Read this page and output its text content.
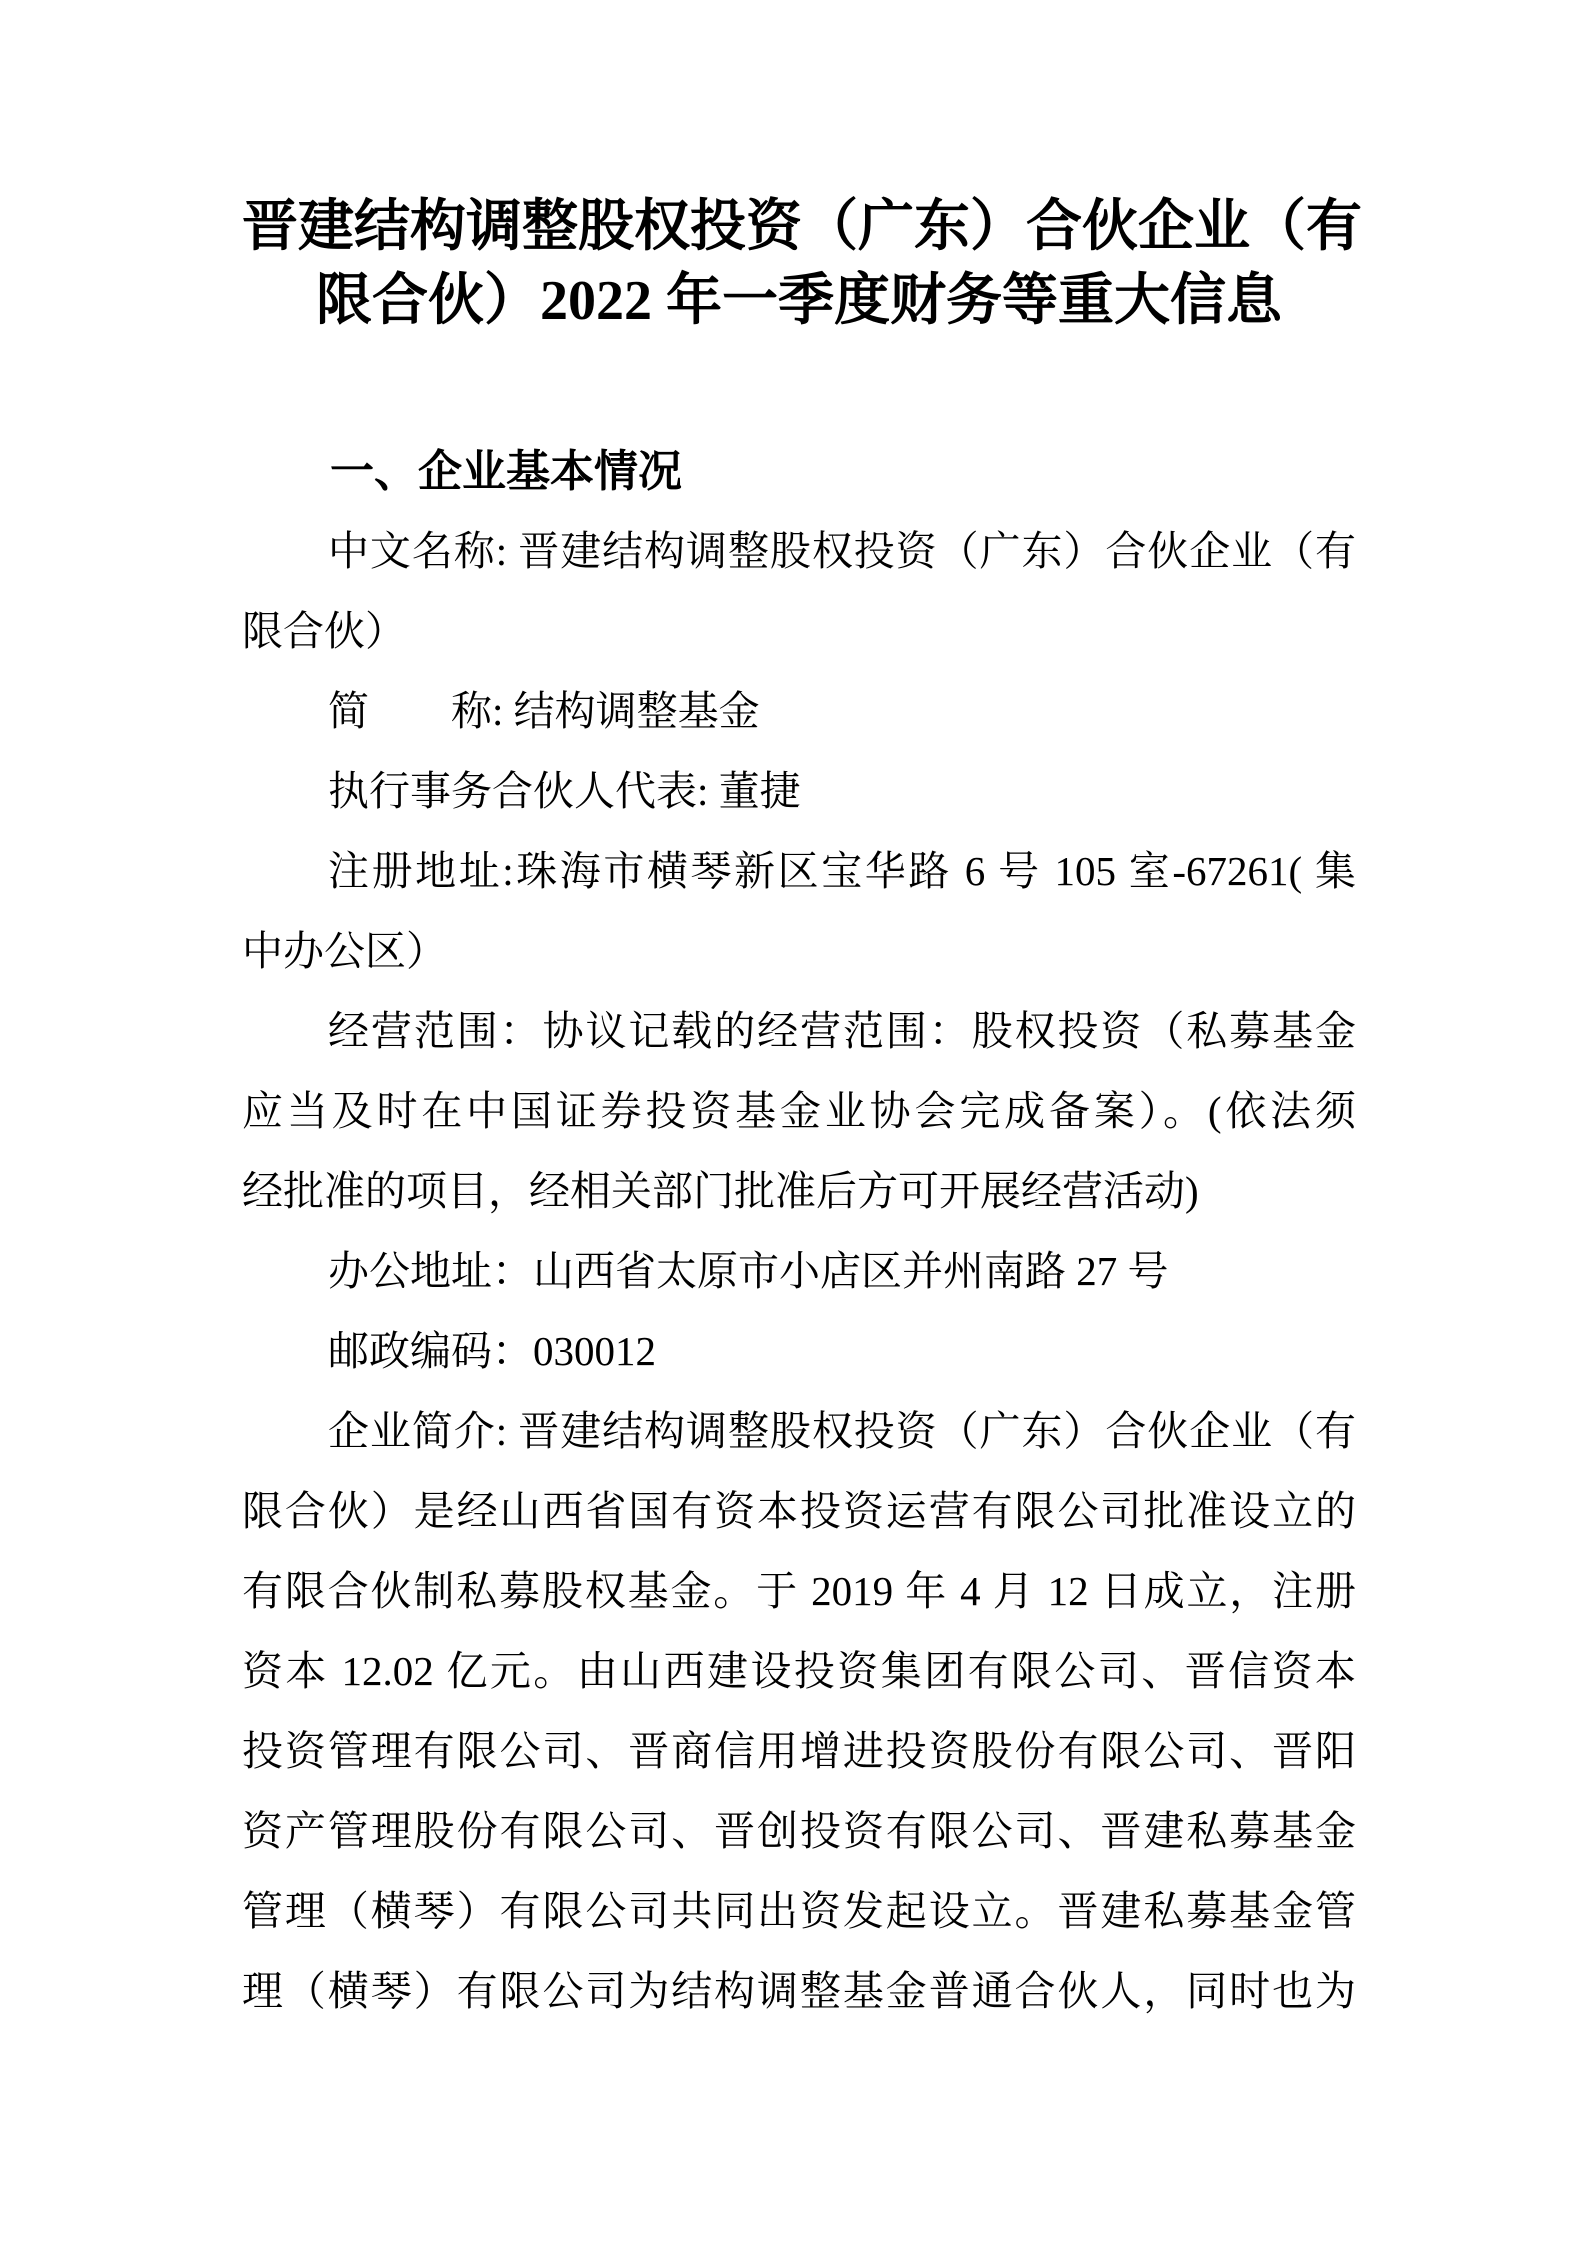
晋建结构调整股权投资（广东）合伙企业（有
限合伙）2022 年一季度财务等重大信息
一、企业基本情况
中文名称: 晋建结构调整股权投资（广东）合伙企业（有
限合伙）
简　　称: 结构调整基金
执行事务合伙人代表: 董捷
注册地址:珠海市横琴新区宝华路 6 号 105 室-67261( 集
中办公区）
经营范围：协议记载的经营范围：股权投资（私募基金
应当及时在中国证券投资基金业协会完成备案）。(依法须
经批准的项目，经相关部门批准后方可开展经营活动)
办公地址：山西省太原市小店区并州南路 27 号
邮政编码：030012
企业简介: 晋建结构调整股权投资（广东）合伙企业（有
限合伙）是经山西省国有资本投资运营有限公司批准设立的
有限合伙制私募股权基金。于 2019 年 4 月 12 日成立，注册
资本 12.02 亿元。由山西建设投资集团有限公司、晋信资本
投资管理有限公司、晋商信用增进投资股份有限公司、晋阳
资产管理股份有限公司、晋创投资有限公司、晋建私募基金
管理（横琴）有限公司共同出资发起设立。晋建私募基金管
理（横琴）有限公司为结构调整基金普通合伙人，同时也为
